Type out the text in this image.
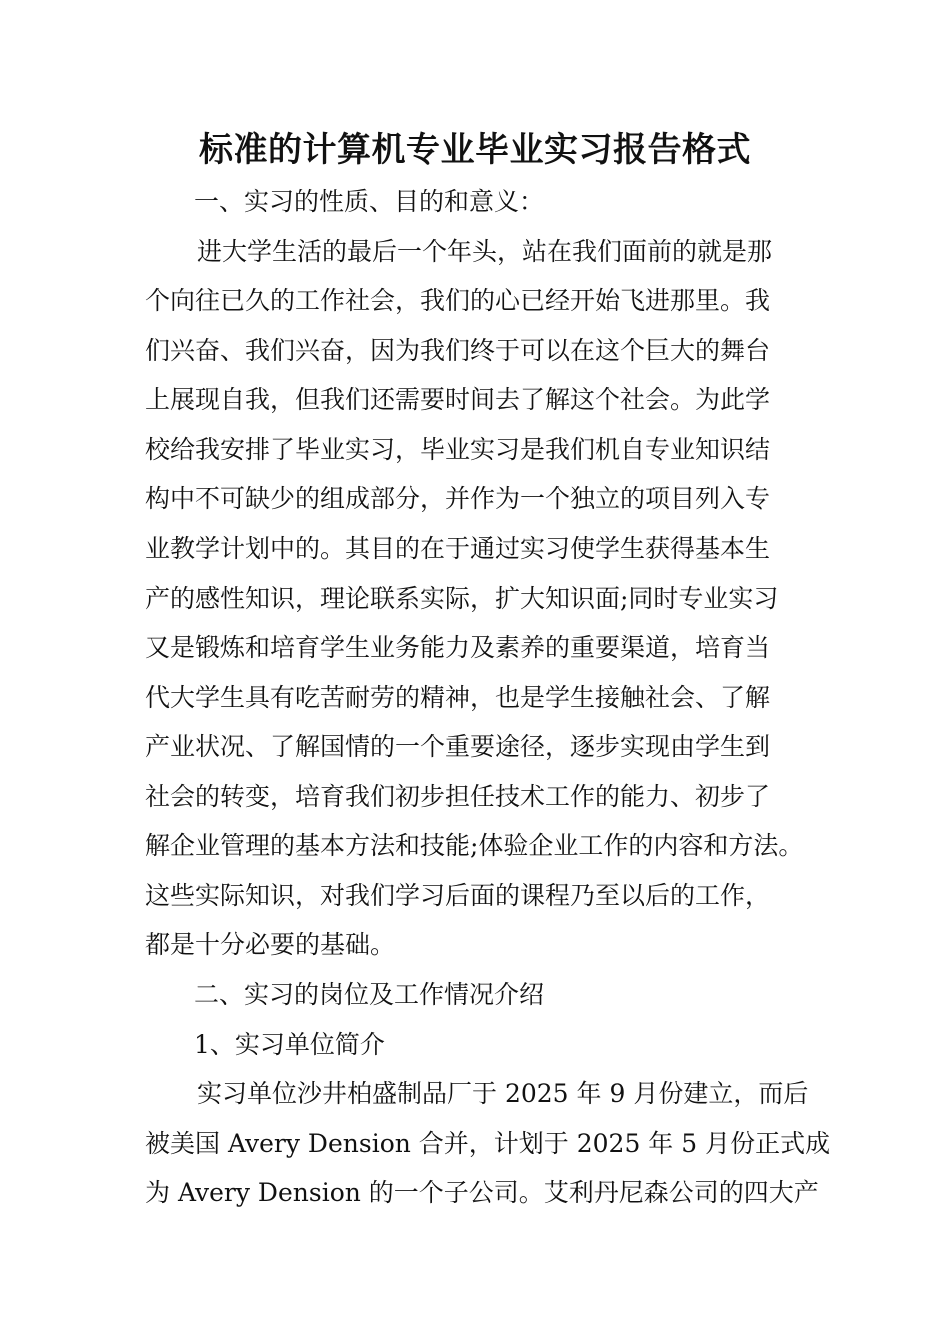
标准的计算机专业毕业实习报告格式
一、实习的性质、目的和意义：
进大学生活的最后一个年头，站在我们面前的就是那
个向往已久的工作社会，我们的心已经开始飞进那里。我
们兴奋、我们兴奋，因为我们终于可以在这个巨大的舞台
上展现自我，但我们还需要时间去了解这个社会。为此学
校给我安排了毕业实习，毕业实习是我们机自专业知识结
构中不可缺少的组成部分，并作为一个独立的项目列入专
业教学计划中的。其目的在于通过实习使学生获得基本生
产的感性知识，理论联系实际，扩大知识面;同时专业实习
又是锻炼和培育学生业务能力及素养的重要渠道，培育当
代大学生具有吃苦耐劳的精神，也是学生接触社会、了解
产业状况、了解国情的一个重要途径，逐步实现由学生到
社会的转变，培育我们初步担任技术工作的能力、初步了
解企业管理的基本方法和技能;体验企业工作的内容和方法。
这些实际知识，对我们学习后面的课程乃至以后的工作，
都是十分必要的基础。
二、实习的岗位及工作情况介绍
1、实习单位简介
实习单位沙井柏盛制品厂于 2025 年 9 月份建立，而后
被美国 Avery Dension 合并，计划于 2025 年 5 月份正式成
为 Avery Dension 的一个子公司。艾利丹尼森公司的四大产
